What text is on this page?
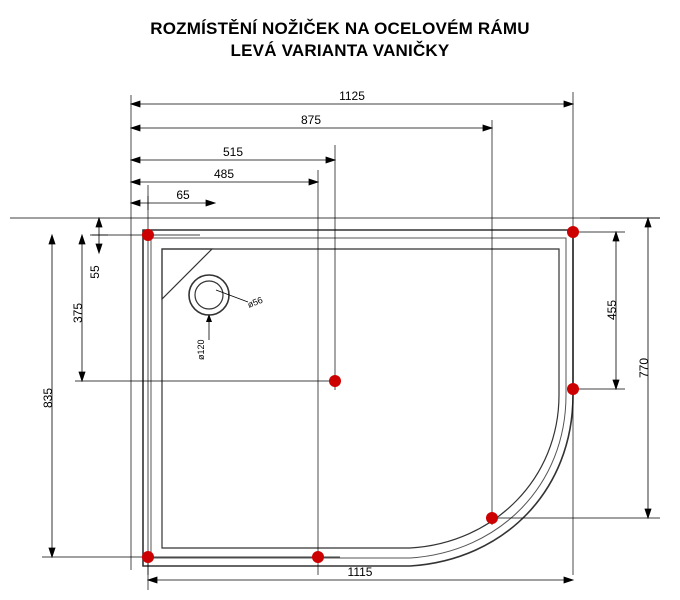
ROZMÍSTĚNÍ NOŽIČEK NA OCELOVÉM RÁMU
LEVÁ VARIANTA VANIČKY
ø56
ø120
1125
875
515
485
65
55
375
835
455
770
1115
